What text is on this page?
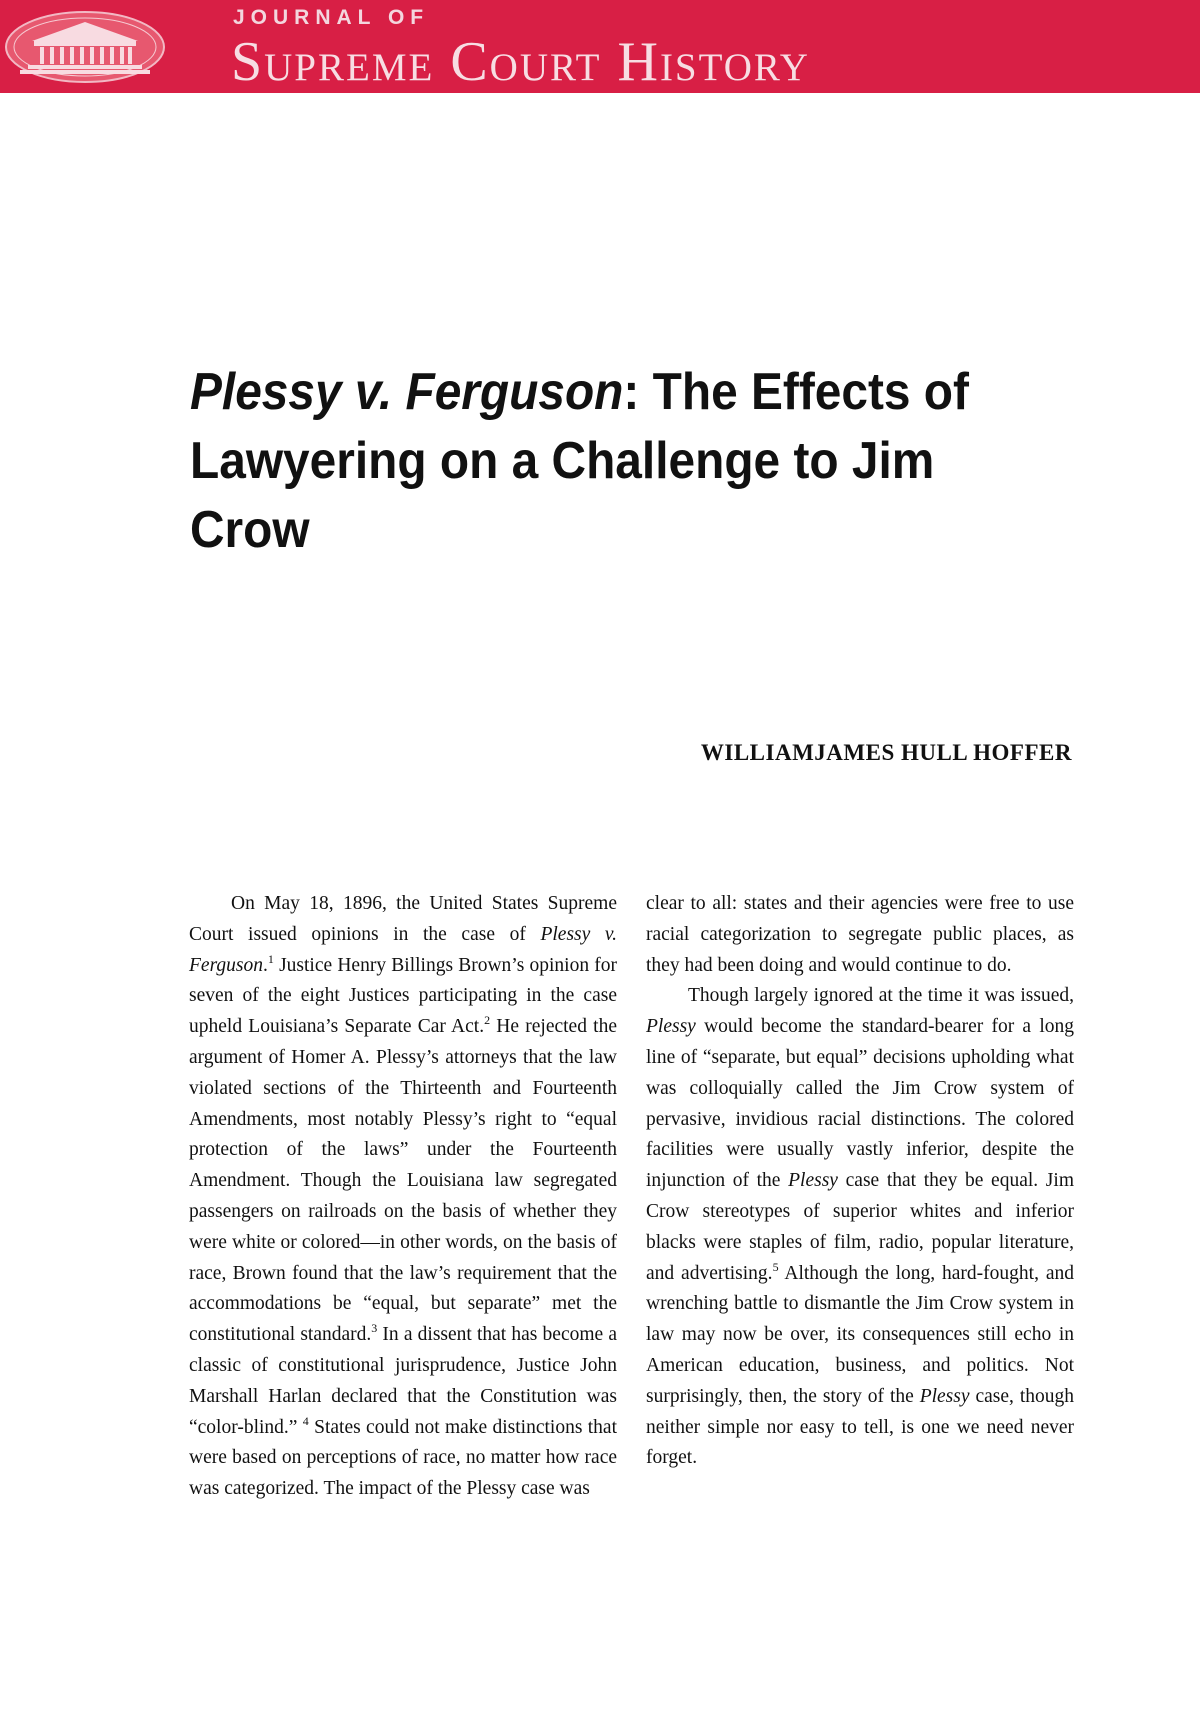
JOURNAL OF
Supreme Court History
Plessy v. Ferguson: The Effects of Lawyering on a Challenge to Jim Crow
WILLIAMJAMES HULL HOFFER

On May 18, 1896, the United States Supreme Court issued opinions in the case of Plessy v. Ferguson.$^1$ Justice Henry Billings Brown’s opinion for seven of the eight Justices participating in the case upheld Louisiana’s Separate Car Act.$^2$ He rejected the argument of Homer A. Plessy’s attorneys that the law violated sections of the Thirteenth and Fourteenth Amendments, most notably Plessy’s right to “equal protection of the laws” under the Fourteenth Amendment. Though the Louisiana law segregated passengers on railroads on the basis of whether they were white or colored—in other words, on the basis of race, Brown found that the law’s requirement that the accommodations be “equal, but separate” met the constitutional standard.$^3$ In a dissent that has become a classic of constitutional jurisprudence, Justice John Marshall Harlan declared that the Constitution was “color-blind.” $^4$ States could not make distinctions that were based on perceptions of race, no matter how race was categorized. The impact of the Plessy case was

clear to all: states and their agencies were free to use racial categorization to segregate public places, as they had been doing and would continue to do.

Though largely ignored at the time it was issued, Plessy would become the standard-bearer for a long line of “separate, but equal” decisions upholding what was colloquially called the Jim Crow system of pervasive, invidious racial distinctions. The colored facilities were usually vastly inferior, despite the injunction of the Plessy case that they be equal. Jim Crow stereotypes of superior whites and inferior blacks were staples of film, radio, popular literature, and advertising.$^5$ Although the long, hard-fought, and wrenching battle to dismantle the Jim Crow system in law may now be over, its consequences still echo in American education, business, and politics. Not surprisingly, then, the story of the Plessy case, though neither simple nor easy to tell, is one we need never forget.
